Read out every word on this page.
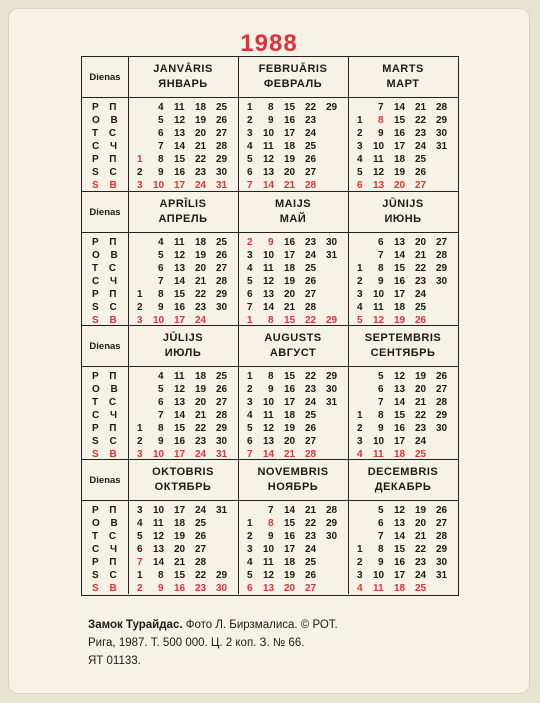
1988
P П
O В
T С
C Ч
P П
S C
S B
4 11 18 25
5 12 19 26
6 13 20 27
7 14 21 28
1 8 15 22 29
2 9 16 23 30
3 10 17 24 31
1 8 15 22 29
2 9 16 23
3 10 17 24
4 11 18 25
5 12 19 26
6 13 20 27
7 14 21 28
7 14 21 28
1 8 15 22 29
2 9 16 23 30
3 10 17 24 31
4 11 18 25
5 12 19 26
6 13 20 27
Dienas
JANVĀRIS
ЯНВАРЬ
FEBRUĀRIS
ФЕВРАЛЬ
MARTS
МАРТ
P П
O В
T С
C Ч
P П
S C
S B
4 11 18 25
5 12 19 26
6 13 20 27
7 14 21 28
1 8 15 22 29
2 9 16 23 30
3 10 17 24
2 9 16 23 30
3 10 17 24 31
4 11 18 25
5 12 19 26
6 13 20 27
7 14 21 28
1 8 15 22 29
6 13 20 27
7 14 21 28
1 8 15 22 29
2 9 16 23 30
3 10 17 24
4 11 18 25
5 12 19 26
Dienas
APRĪLIS
АПРЕЛЬ
MAIJS
МАЙ
JŪNIJS
ИЮНЬ
P П
O В
T С
C Ч
P П
S C
S B
4 11 18 25
5 12 19 26
6 13 20 27
7 14 21 28
1 8 15 22 29
2 9 16 23 30
3 10 17 24 31
1 8 15 22 29
2 9 16 23 30
3 10 17 24 31
4 11 18 25
5 12 19 26
6 13 20 27
7 14 21 28
5 12 19 26
6 13 20 27
7 14 21 28
1 8 15 22 29
2 9 16 23 30
3 10 17 24
4 11 18 25
Dienas
JŪLIJS
ИЮЛЬ
AUGUSTS
АВГУСТ
SEPTEMBRIS
СЕНТЯБРЬ
P П
O В
T С
C Ч
P П
S C
S B
3 10 17 24 31
4 11 18 25
5 12 19 26
6 13 20 27
7 14 21 28
1 8 15 22 29
2 9 16 23 30
7 14 21 28
1 8 15 22 29
2 9 16 23 30
3 10 17 24
4 11 18 25
5 12 19 26
6 13 20 27
5 12 19 26
6 13 20 27
7 14 21 28
1 8 15 22 29
2 9 16 23 30
3 10 17 24 31
4 11 18 25
Dienas
OKTOBRIS
ОКТЯБРЬ
NOVEMBRIS
НОЯБРЬ
DECEMBRIS
ДЕКАБРЬ
Замок Турайдас. Фото Л. Бирзмалиса. © РОТ.
Рига, 1987. Т. 500 000. Ц. 2 коп. З. № 66.
ЯТ 01133.
